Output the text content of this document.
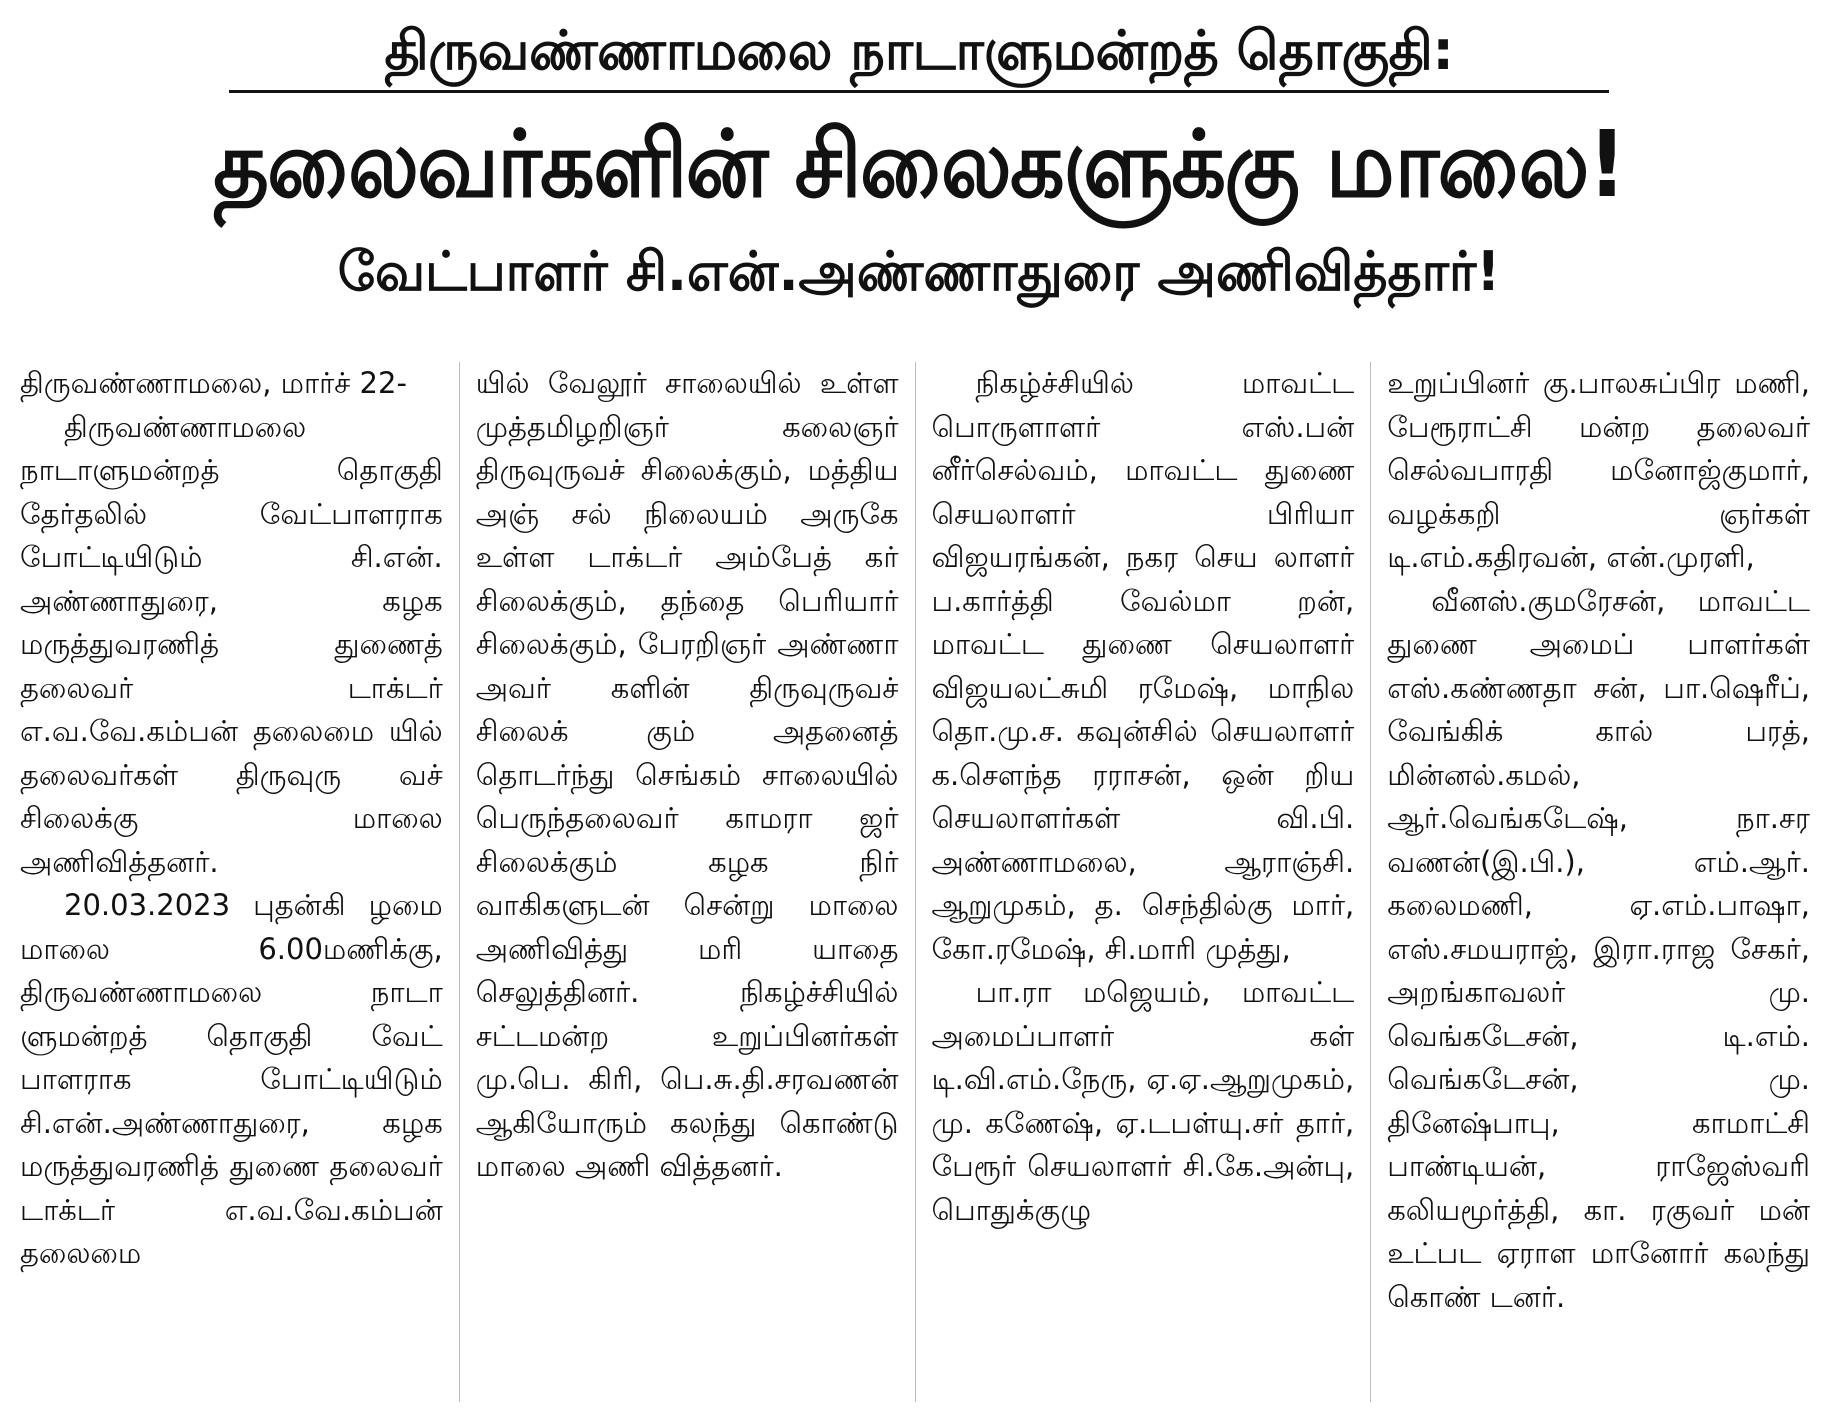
திருவண்ணாமலை நாடாளுமன்றத் தொகுதி:
தலைவர்களின் சிலைகளுக்கு மாலை!
வேட்பாளர் சி.என்.அண்ணாதுரை அணிவித்தார்!

திருவண்ணாமலை, மார்ச் 22-

திருவண்ணாமலை நாடாளுமன்றத் தொகுதி தேர்தலில் வேட்பாளராக போட்டியிடும் சி.என். அண்ணாதுரை, கழக மருத்துவரணித் துணைத் தலைவர் டாக்டர் எ.வ.வே.கம்பன் தலைமை யில் தலைவர்கள் திருவுரு வச் சிலைக்கு மாலை அணிவித்தனர்.

20.03.2023 புதன்கி ழமை மாலை 6.00மணிக்கு, திருவண்ணாமலை நாடா ளுமன்றத் தொகுதி வேட் பாளராக போட்டியிடும் சி.என்.அண்ணாதுரை, கழக மருத்துவரணித் துணை தலைவர் டாக்டர் எ.வ.வே.கம்பன் தலைமை

யில் வேலூர் சாலையில் உள்ள முத்தமிழறிஞர் கலைஞர் திருவுருவச் சிலைக்கும், மத்திய அஞ் சல் நிலையம் அருகே உள்ள டாக்டர் அம்பேத் கர் சிலைக்கும், தந்தை பெரியார் சிலைக்கும், பேரறிஞர் அண்ணா அவர் களின் திருவுருவச் சிலைக் கும் அதனைத் தொடர்ந்து செங்கம் சாலையில் பெருந்தலைவர் காமரா ஜர் சிலைக்கும் கழக நிர் வாகிகளுடன் சென்று மாலை அணிவித்து மரி யாதை செலுத்தினர். நிகழ்ச்சியில் சட்டமன்ற உறுப்பினர்கள் மு.பெ. கிரி, பெ.சு.தி.சரவணன் ஆகியோரும் கலந்து கொண்டு மாலை அணி வித்தனர்.

நிகழ்ச்சியில் மாவட்ட பொருளாளர் எஸ்.பன் னீர்செல்வம், மாவட்ட துணை செயலாளர் பிரியா விஜயரங்கன், நகர செய லாளர் ப.கார்த்தி வேல்மா றன், மாவட்ட துணை செயலாளர் விஜயலட்சுமி ரமேஷ், மாநில தொ.மு.ச. கவுன்சில் செயலாளர் க.சௌந்த ரராசன், ஒன் றிய செயலாளர்கள் வி.பி. அண்ணாமலை, ஆராஞ்சி. ஆறுமுகம், த. செந்தில்கு மார், கோ.ரமேஷ், சி.மாரி முத்து,

பா.ரா மஜெயம், மாவட்ட அமைப்பாளர் கள் டி.வி.எம்.நேரு, ஏ.ஏ.ஆறுமுகம், மு. கணேஷ், ஏ.டபள்யு.சர் தார், பேரூர் செயலாளர் சி.கே.அன்பு, பொதுக்குழு

உறுப்பினர் கு.பாலசுப்பிர மணி, பேரூராட்சி மன்ற தலைவர் செல்வபாரதி மனோஜ்குமார், வழக்கறி ஞர்கள் டி.எம்.கதிரவன், என்.முரளி,

வீனஸ்.குமரேசன், மாவட்ட துணை அமைப் பாளர்கள் எஸ்.கண்ணதா சன், பா.ஷெரீப், வேங்கிக் கால் பரத், மின்னல்.கமல், ஆர்.வெங்கடேஷ், நா.சர வணன்(இ.பி.), எம்.ஆர். கலைமணி, ஏ.எம்.பாஷா, எஸ்.சமயராஜ், இரா.ராஜ சேகர், அறங்காவலர் மு. வெங்கடேசன், டி.எம். வெங்கடேசன், மு. தினேஷ்பாபு, காமாட்சி பாண்டியன், ராஜேஸ்வரி கலியமூர்த்தி, கா. ரகுவர் மன் உட்பட ஏராள மானோர் கலந்து கொண் டனர்.
